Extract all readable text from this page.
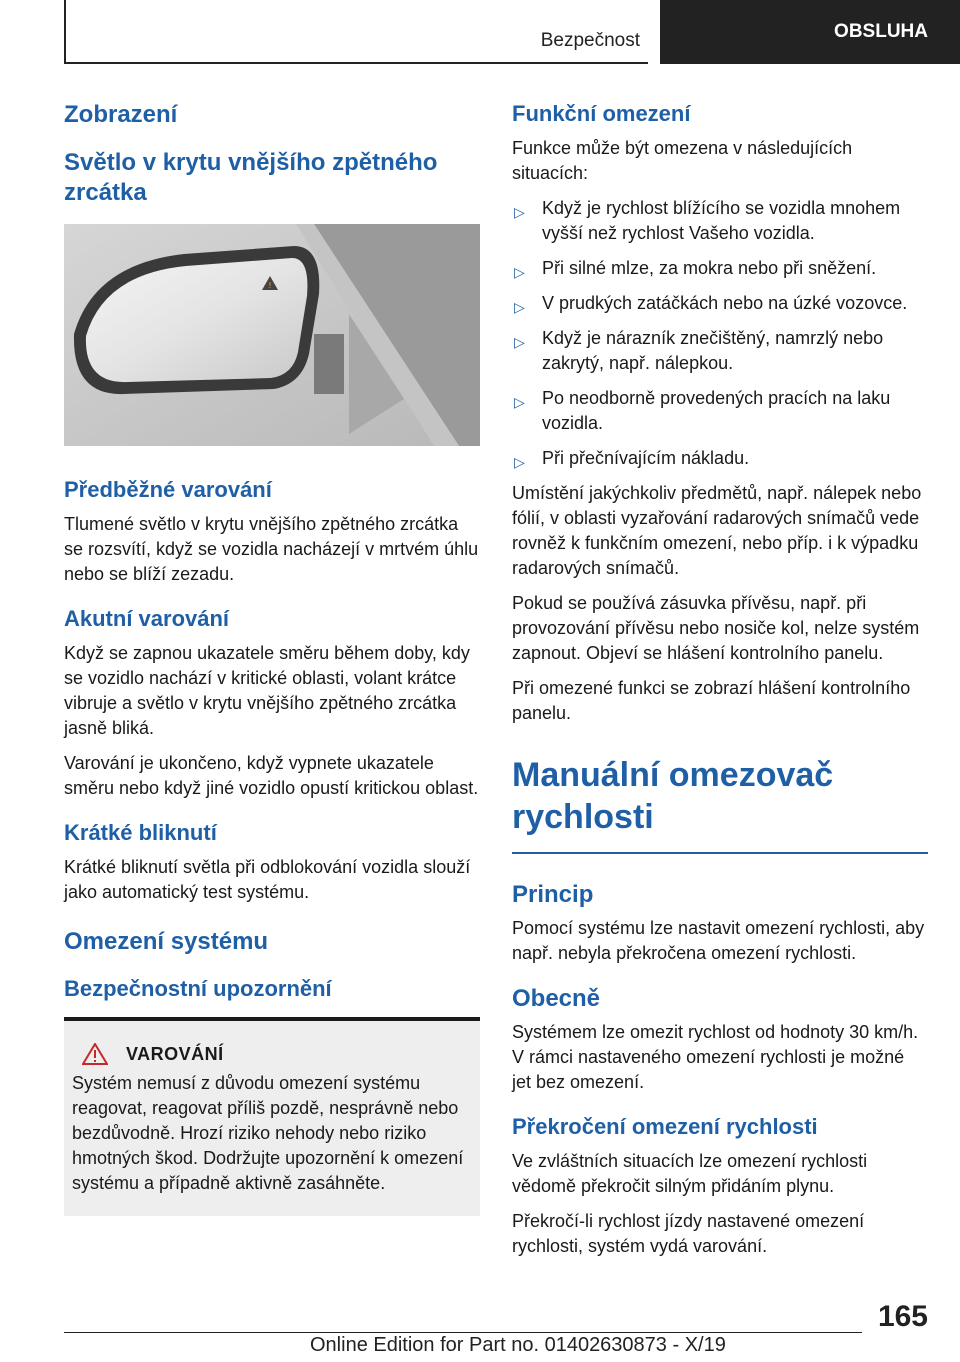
Bezpečnost	OBSLUHA
Zobrazení
Světlo v krytu vnějšího zpětného zrcátka
!
Předběžné varování

Tlumené světlo v krytu vnějšího zpětného zrcátka se rozsvítí, když se vozidla nacházejí v mrtvém úhlu nebo se blíží zezadu.

Akutní varování

Když se zapnou ukazatele směru během doby, kdy se vozidlo nachází v kritické oblasti, volant krátce vibruje a světlo v krytu vnějšího zpětného zrcátka jasně bliká.

Varování je ukončeno, když vypnete ukazatele směru nebo když jiné vozidlo opustí kritickou oblast.

Krátké bliknutí

Krátké bliknutí světla při odblokování vozidla slouží jako automatický test systému.

Omezení systému
Bezpečnostní upozornění
VAROVÁNÍ

Systém nemusí z důvodu omezení systému reagovat, reagovat příliš pozdě, nesprávně nebo bezdůvodně. Hrozí riziko nehody nebo riziko hmotných škod. Dodržujte upozornění k omezení systému a případně aktivně zasáhněte.

Funkční omezení

Funkce může být omezena v následujících situacích:

▷ Když je rychlost blížícího se vozidla mnohem vyšší než rychlost Vašeho vozidla.
▷ Při silné mlze, za mokra nebo při sněžení.
▷ V prudkých zatáčkách nebo na úzké vozovce.
▷ Když je nárazník znečištěný, namrzlý nebo zakrytý, např. nálepkou.
▷ Po neodborně provedených pracích na laku vozidla.
▷ Při přečnívajícím nákladu.

Umístění jakýchkoliv předmětů, např. nálepek nebo fólií, v oblasti vyzařování radarových snímačů vede rovněž k funkčním omezení, nebo příp. i k výpadku radarových snímačů.

Pokud se používá zásuvka přívěsu, např. při provozování přívěsu nebo nosiče kol, nelze systém zapnout. Objeví se hlášení kontrolního panelu.

Při omezené funkci se zobrazí hlášení kontrolního panelu.

Manuální omezovač rychlosti
Princip

Pomocí systému lze nastavit omezení rychlosti, aby např. nebyla překročena omezení rychlosti.

Obecně

Systémem lze omezit rychlost od hodnoty 30 km/h. V rámci nastaveného omezení rychlosti je možné jet bez omezení.

Překročení omezení rychlosti

Ve zvláštních situacích lze omezení rychlosti vědomě překročit silným přidáním plynu.

Překročí-li rychlost jízdy nastavené omezení rychlosti, systém vydá varování.

165
Online Edition for Part no. 01402630873 - X/19
